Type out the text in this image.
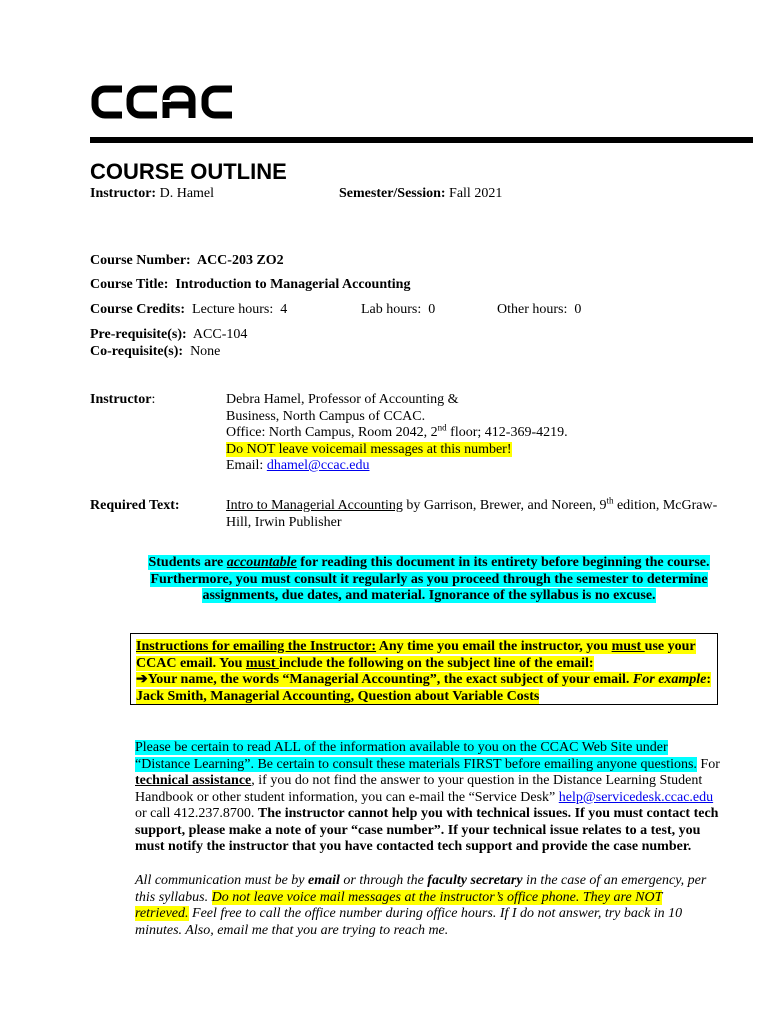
COURSE OUTLINE
Instructor: D. Hamel	Semester/Session: Fall 2021
Course Number: ACC-203 ZO2
Course Title: Introduction to Managerial Accounting
Course Credits: Lecture hours: 4	Lab hours: 0	Other hours: 0
Pre-requisite(s): ACC-104
Co-requisite(s): None
Instructor:	Debra Hamel, Professor of Accounting &
Business, North Campus of CCAC.
Office: North Campus, Room 2042, 2nd floor; 412-369-4219.
Do NOT leave voicemail messages at this number!
Email: dhamel@ccac.edu
Required Text:	Intro to Managerial Accounting by Garrison, Brewer, and Noreen, 9th edition, McGraw-
Hill, Irwin Publisher
Students are accountable for reading this document in its entirety before beginning the course.
Furthermore, you must consult it regularly as you proceed through the semester to determine
assignments, due dates, and material. Ignorance of the syllabus is no excuse.
Instructions for emailing the Instructor: Any time you email the instructor, you must use your
CCAC email. You must include the following on the subject line of the email:
➔Your name, the words “Managerial Accounting”, the exact subject of your email. For example:
Jack Smith, Managerial Accounting, Question about Variable Costs
Please be certain to read ALL of the information available to you on the CCAC Web Site under
“Distance Learning”. Be certain to consult these materials FIRST before emailing anyone questions. For
technical assistance, if you do not find the answer to your question in the Distance Learning Student
Handbook or other student information, you can e-mail the “Service Desk” help@servicedesk.ccac.edu
or call 412.237.8700. The instructor cannot help you with technical issues. If you must contact tech
support, please make a note of your “case number”. If your technical issue relates to a test, you
must notify the instructor that you have contacted tech support and provide the case number.
All communication must be by email or through the faculty secretary in the case of an emergency, per
this syllabus. Do not leave voice mail messages at the instructor’s office phone. They are NOT
retrieved. Feel free to call the office number during office hours. If I do not answer, try back in 10
minutes. Also, email me that you are trying to reach me.
